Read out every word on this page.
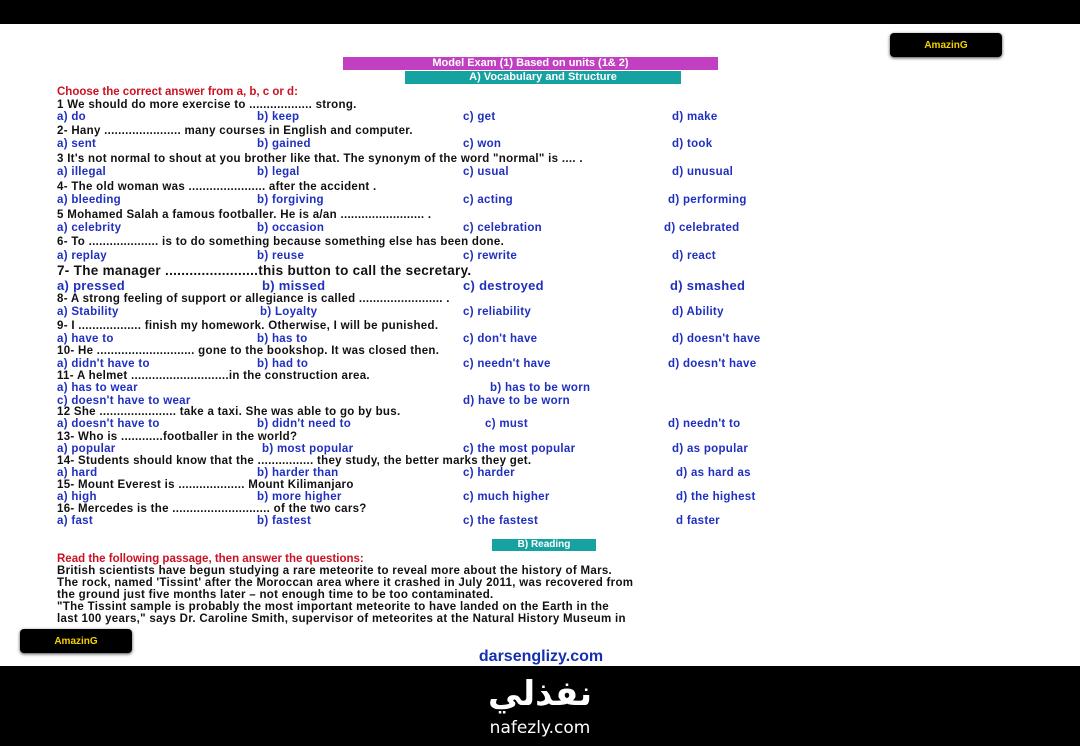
AmazinG
Model Exam (1) Based on units (1& 2)
A) Vocabulary and Structure
Choose the correct answer from a, b, c or d:
1 We should do more exercise to .................. strong.
a) do	b) keep	c) get	d) make
2- Hany ...................... many courses in English and computer.
a) sent	b) gained	c) won	d) took
3 It's not normal to shout at you brother like that. The synonym of the word "normal" is .... .
a) illegal	b) legal	c) usual	d) unusual
4- The old woman was ...................... after the accident .
a) bleeding	b) forgiving	c) acting	d) performing
5 Mohamed Salah a famous footballer. He is a/an ........................ .
a) celebrity	b) occasion	c) celebration	d) celebrated
6- To .................... is to do something because something else has been done.
a) replay	b) reuse	c) rewrite	d) react
7- The manager .......................this button to call the secretary.
a) pressed	b) missed	c) destroyed	d) smashed
8- A strong feeling of support or allegiance is called ........................ .
a) Stability	b) Loyalty	c) reliability	d) Ability
9- I .................. finish my homework. Otherwise, I will be punished.
a) have to	b) has to	c) don't have	d) doesn't have
10- He ............................ gone to the bookshop. It was closed then.
a) didn't have to	b) had to	c) needn't have	d) doesn't have
11- A helmet ............................in the construction area.
a) has to wear	b) has to be worn
c) doesn't have to wear	d) have to be worn
12 She ...................... take a taxi. She was able to go by bus.
a) doesn't have to	b) didn't need to	c) must	d) needn't to
13- Who is ............footballer in the world?
a) popular	b) most popular	c) the most popular	d) as popular
14- Students should know that the ................ they study, the better marks they get.
a) hard	b) harder than	c) harder	d) as hard as
15- Mount Everest is ................... Mount Kilimanjaro
a) high	b) more higher	c) much higher	d) the highest
16- Mercedes is the ............................ of the two cars?
a) fast	b) fastest	c) the fastest	d faster
B) Reading
Read the following passage, then answer the questions:
British scientists have begun studying a rare meteorite to reveal more about the history of Mars.
The rock, named 'Tissint' after the Moroccan area where it crashed in July 2011, was recovered from
the ground just five months later – not enough time to be too contaminated.
"The Tissint sample is probably the most important meteorite to have landed on the Earth in the
last 100 years," says Dr. Caroline Smith, supervisor of meteorites at the Natural History Museum in
AmazinG
darsenglizy.com
نفذلي
nafezly.com
